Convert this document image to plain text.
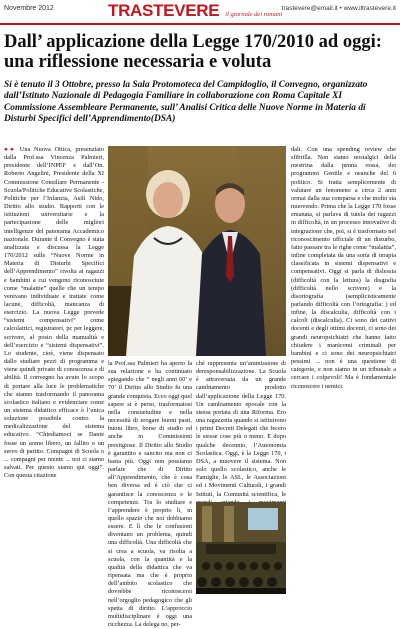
Novembre 2012	TRASTEVERE il giornale dei romani
trastevere@email.it • www.iltrastevere.it
Dall’ applicazione della Legge 170/2010 ad oggi: una riflessione necessaria e voluta

Si è tenuto il 3 Ottobre, presso la Sala Protomoteca del Campidoglio, il Convegno, organizzato dall’Istituto Nazionale di Pedagogia Familiare in collaborazione con Roma Capitale XI Commissione Assembleare Permanente, sull’ Analisi Critica delle Nuove Norme in Materia di Disturbi Specifici dell’Apprendimento(DSA)

●● Una Nuova Ottica, presenziato dalla Prof.ssa Vincenza Palmieri, presidente dell’INPEF e dall’On. Roberto Angelini, Presidente della XI Commissione Consiliare Permanente - Scuola/Politiche Educative Scolastiche, Politiche per l’Infanzia, Asili Nido, Diritto allo studio. Rapporti con le istituzioni universitarie e la partecipazione delle migliori intelligenze del panorama Accademico nazionale. Durante il Convegno è stata analizzata e discussa la Legge 170/2012 sulle “Nuove Norme in Materia di Disturbi Specifici dell’Apprendimento” rivolta ai ragazzi e bambini a cui vengono riconosciute come “malattie” quelle che un tempo venivano individuate e trattate come lacune, difficoltà, mancanza di esercizio. La nuova Legge prevede “sistemi compensativi” come calcolatrici, registratori, pc per leggere, scrivere, al posto della manualità e dell’esercizio e “sistemi dispensativi”. Lo studente, cioè, viene dispensato dallo studiare pezzi di programma e viene quindi privato di conoscenza e di abilità. Il convegno ha avuto lo scopo di portare alla luce le problematiche che stanno trasformando il panorama scolastico italiano e evidenziare come un sistema didattico efficace è l’unica soluzione possibile contro la medicalizzazione del sistema educativo. “Chiediamoci se Dante fosse un uomo libero, un fallito o un servo di partito. Compagni di Scuola o ... compagni per niente ... noi ci siamo salvati. Per questo siamo qui oggi”. Con questa citazione

la Prof.ssa Palmieri ha aperto la sua relazione e ha continuato spiegando che “ negli anni 60’ e 70’ il Diritto allo Studio fu una grande conquista. Ecco oggi quel sapere si è perso, trasformatosi nella consuetudine e nella necessità di erogare buoni pasti, buoni libro, borse di studio ed anche in Commissioni prestigiose. Il Diritto allo Studio è garantito e sancito ma non ci basta più. Oggi non possiamo parlare che di Diritto all’Apprendimento, che è cosa ben diversa ed è ciò che ci garantisce la conoscenza e le competenze. Tra lo studiare e l’apprendere è proprio lì, in quello spazio che noi dobbiamo essere. E lì che le confusioni diventano un problema, quindi una difficoltà. Una difficoltà che si crea a scuola, va risolta a scuola, con la quantità e la qualità della didattica che va ripensata ma che è proprio dell’ambito scolastico che dovrebbe riconoscersi nell’orgoglio pedagogico che gli spetta di diritto. L’approccio multidisciplinare è oggi una ricchezza. La delega no, per-

ché rappresenta un’ammissione di deresponsabilizzazione. La Scuola è attraversata da un grande cambiamento prodotto dall’applicazione della Legge 170. Un cambiamento epocale con la stessa portata di una Riforma. Ero una ragazzetta quando si istituirono i primi Decreti Delegati che fecero le stesse cose più o meno. E dopo qualche decennio, l’Autonomia Scolastica. Oggi, è la Legge 170, i DSA, a muovere il sistema. Non solo quello scolastico, anche le Famiglie, le ASL, le Associazioni ed i Movimenti Culturali, i grandi Istituti, la Comunità scientifica, le

dali. Con una spending review che sfibrilla. Non siamo nostalgici della mestrina dalla penna rossa, dei programmi Gentile e neanche del 6 politico. Si tratta semplicemente di valutare un fenomeno a circa 2 anni ormai dalla sua comparsa e che molto sta muovendo. Prima che la Legge 170 fosse emanata, si parlava di tutela dei ragazzi in difficoltà, in un processo innovativo di integrazione che, poi, si è trasformato nel riconoscimento ufficiale di un disturbo, fatto passare tra le righe come “malattia”, infine completata da una sorta di terapia classificata in sistemi dispensativi e compensativi. Oggi si parla di dislessia (difficoltà con la lettura) la disgrafia (difficoltà nello scrivere) e la disortografia (semplicisticamente parlando difficoltà con l’ortografia: ) ed infine, la discalculia, difficoltà con i calcoli (discalculia). Ci sono dei cattivi docenti e degli ottimi docenti, ci sono dei grandi neuropsichiatri che hanno fatto chiudere i manicomi criminali per bambini e ci sono dei neuropsichiatri pessimi ... non è una questione di categorie, e non siamo in un tribunale a cercare i colpevoli! Ma è fondamentale riconoscere i nemici.
